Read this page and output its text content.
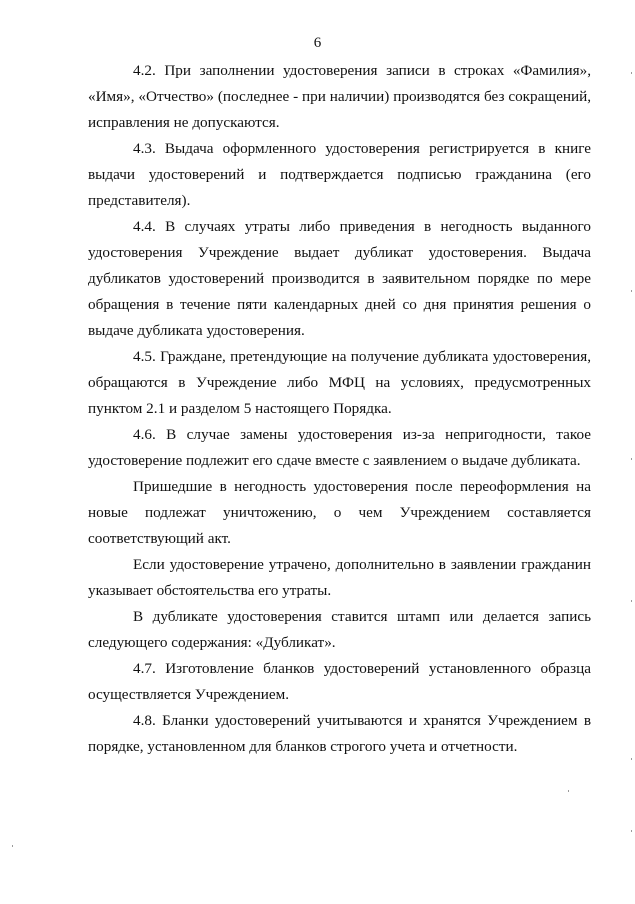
6

4.2. При заполнении удостоверения записи в строках «Фамилия», «Имя», «Отчество» (последнее - при наличии) производятся без сокращений, исправления не допускаются.

4.3. Выдача оформленного удостоверения регистрируется в книге выдачи удостоверений и подтверждается подписью гражданина (его представителя).

4.4. В случаях утраты либо приведения в негодность выданного удостоверения Учреждение выдает дубликат удостоверения. Выдача дубликатов удостоверений производится в заявительном порядке по мере обращения в течение пяти календарных дней со дня принятия решения о выдаче дубликата удостоверения.

4.5. Граждане, претендующие на получение дубликата удостоверения, обращаются в Учреждение либо МФЦ на условиях, предусмотренных пунктом 2.1 и разделом 5 настоящего Порядка.

4.6. В случае замены удостоверения из-за непригодности, такое удостоверение подлежит его сдаче вместе с заявлением о выдаче дубликата.

Пришедшие в негодность удостоверения после переоформления на новые подлежат уничтожению, о чем Учреждением составляется соответствующий акт.

Если удостоверение утрачено, дополнительно в заявлении гражданин указывает обстоятельства его утраты.

В дубликате удостоверения ставится штамп или делается запись следующего содержания: «Дубликат».

4.7. Изготовление бланков удостоверений установленного образца осуществляется Учреждением.

4.8. Бланки удостоверений учитываются и хранятся Учреждением в порядке, установленном для бланков строгого учета и отчетности.
